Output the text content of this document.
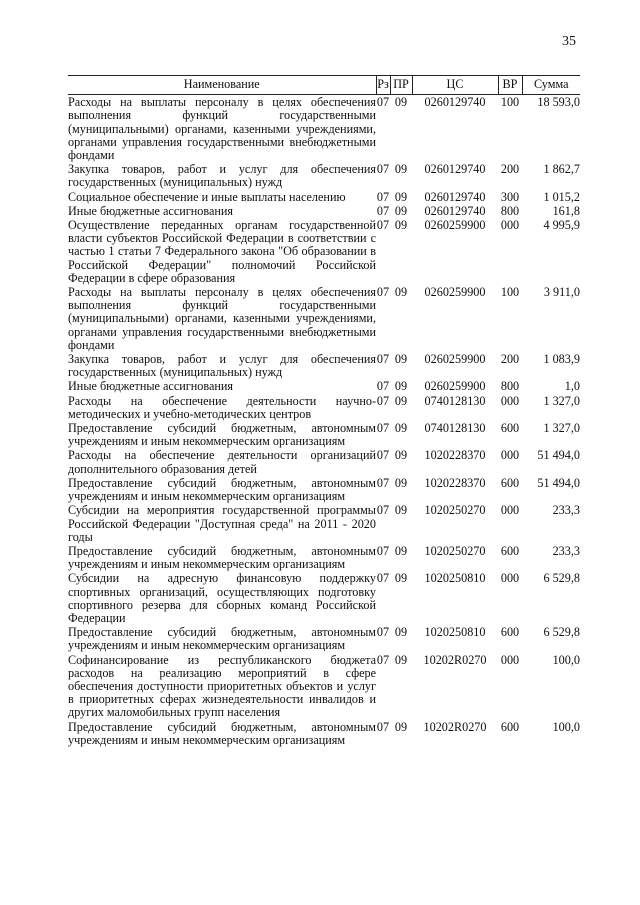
35
Наименование	Рз	ПР	ЦС	ВР	Сумма
Расходы на выплаты персоналу в целях обеспечения выполнения функций государственными (муниципальными) органами, казенными учреждениями, органами управления государственными внебюджетными фондами	07	09	0260129740	100	18 593,0
Закупка товаров, работ и услуг для обеспечения государственных (муниципальных) нужд	07	09	0260129740	200	1 862,7
Социальное обеспечение и иные выплаты населению	07	09	0260129740	300	1 015,2
Иные бюджетные ассигнования	07	09	0260129740	800	161,8
Осуществление переданных органам государственной власти субъектов Российской Федерации в соответствии с частью 1 статьи 7 Федерального закона "Об образовании в Российской Федерации" полномочий Российской Федерации в сфере образования	07	09	0260259900	000	4 995,9
Расходы на выплаты персоналу в целях обеспечения выполнения функций государственными (муниципальными) органами, казенными учреждениями, органами управления государственными внебюджетными фондами	07	09	0260259900	100	3 911,0
Закупка товаров, работ и услуг для обеспечения государственных (муниципальных) нужд	07	09	0260259900	200	1 083,9
Иные бюджетные ассигнования	07	09	0260259900	800	1,0
Расходы на обеспечение деятельности научно-методических и учебно-методических центров	07	09	0740128130	000	1 327,0
Предоставление субсидий бюджетным, автономным учреждениям и иным некоммерческим организациям	07	09	0740128130	600	1 327,0
Расходы на обеспечение деятельности организаций дополнительного образования детей	07	09	1020228370	000	51 494,0
Предоставление субсидий бюджетным, автономным учреждениям и иным некоммерческим организациям	07	09	1020228370	600	51 494,0
Субсидии на мероприятия государственной программы Российской Федерации "Доступная среда" на 2011 - 2020 годы	07	09	1020250270	000	233,3
Предоставление субсидий бюджетным, автономным учреждениям и иным некоммерческим организациям	07	09	1020250270	600	233,3
Субсидии на адресную финансовую поддержку спортивных организаций, осуществляющих подготовку спортивного резерва для сборных команд Российской Федерации	07	09	1020250810	000	6 529,8
Предоставление субсидий бюджетным, автономным учреждениям и иным некоммерческим организациям	07	09	1020250810	600	6 529,8
Софинансирование из республиканского бюджета расходов на реализацию мероприятий в сфере обеспечения доступности приоритетных объектов и услуг в приоритетных сферах жизнедеятельности инвалидов и других маломобильных групп населения	07	09	10202R0270	000	100,0
Предоставление субсидий бюджетным, автономным учреждениям и иным некоммерческим организациям	07	09	10202R0270	600	100,0
